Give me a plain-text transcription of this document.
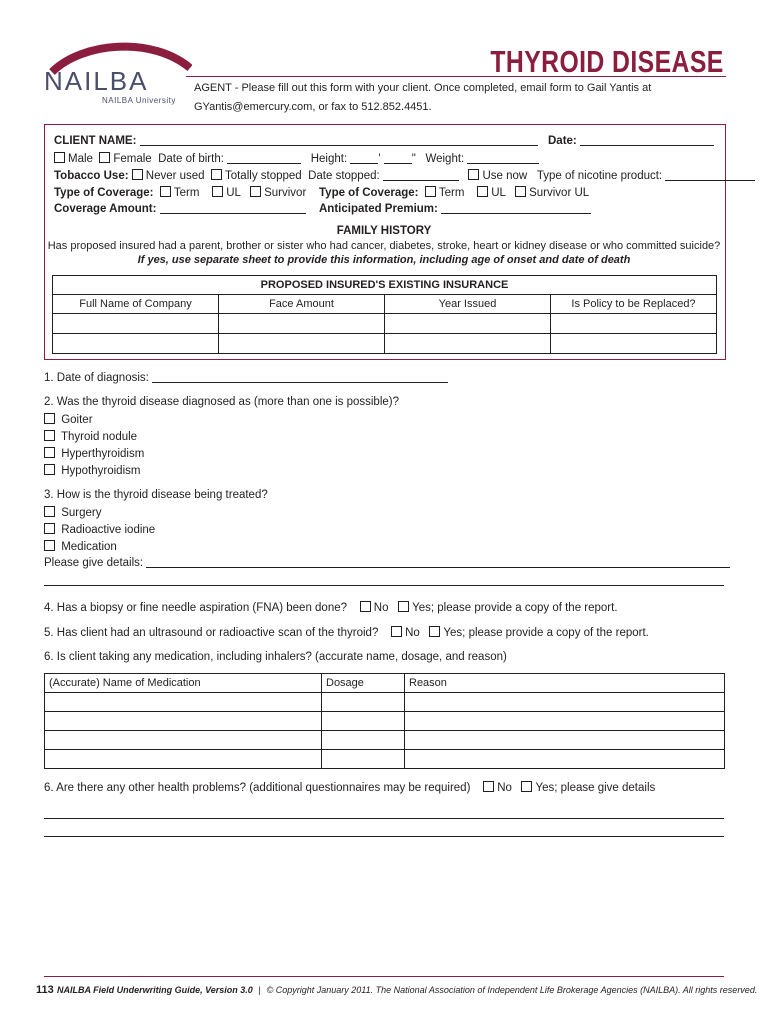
NAILBA
NAILBA University
THYROID DISEASE
AGENT - Please fill out this form with your client. Once completed, email form to Gail Yantis at
GYantis@emercury.com, or fax to 512.852.4451.
CLIENT NAME:	Date:
Male Female Date of birth:	Height:	'	" Weight:
Tobacco Use: Never used Totally stopped Date stopped:	Use now Type of nicotine product:
Type of Coverage: Term UL Survivor Type of Coverage: Term UL Survivor UL
Coverage Amount:	Anticipated Premium:
FAMILY HISTORY
Has proposed insured had a parent, brother or sister who had cancer, diabetes, stroke, heart or kidney disease or who committed suicide?
If yes, use separate sheet to provide this information, including age of onset and date of death
PROPOSED INSURED'S EXISTING INSURANCE			
Full Name of Company	Face Amount	Year Issued	Is Policy to be Replaced?

1. Date of diagnosis:
2. Was the thyroid disease diagnosed as (more than one is possible)?
Goiter
Thyroid nodule
Hyperthyroidism
Hypothyroidism
3. How is the thyroid disease being treated?
Surgery
Radioactive iodine
Medication
Please give details:
4. Has a biopsy or fine needle aspiration (FNA) been done? No Yes; please provide a copy of the report.
5. Has client had an ultrasound or radioactive scan of the thyroid? No Yes; please provide a copy of the report.
6. Is client taking any medication, including inhalers? (accurate name, dosage, and reason)
(Accurate) Name of Medication	Dosage	Reason

6. Are there any other health problems? (additional questionnaires may be required) No Yes; please give details
113 NAILBA Field Underwriting Guide, Version 3.0 | © Copyright January 2011. The National Association of Independent Life Brokerage Agencies (NAILBA). All rights reserved.
